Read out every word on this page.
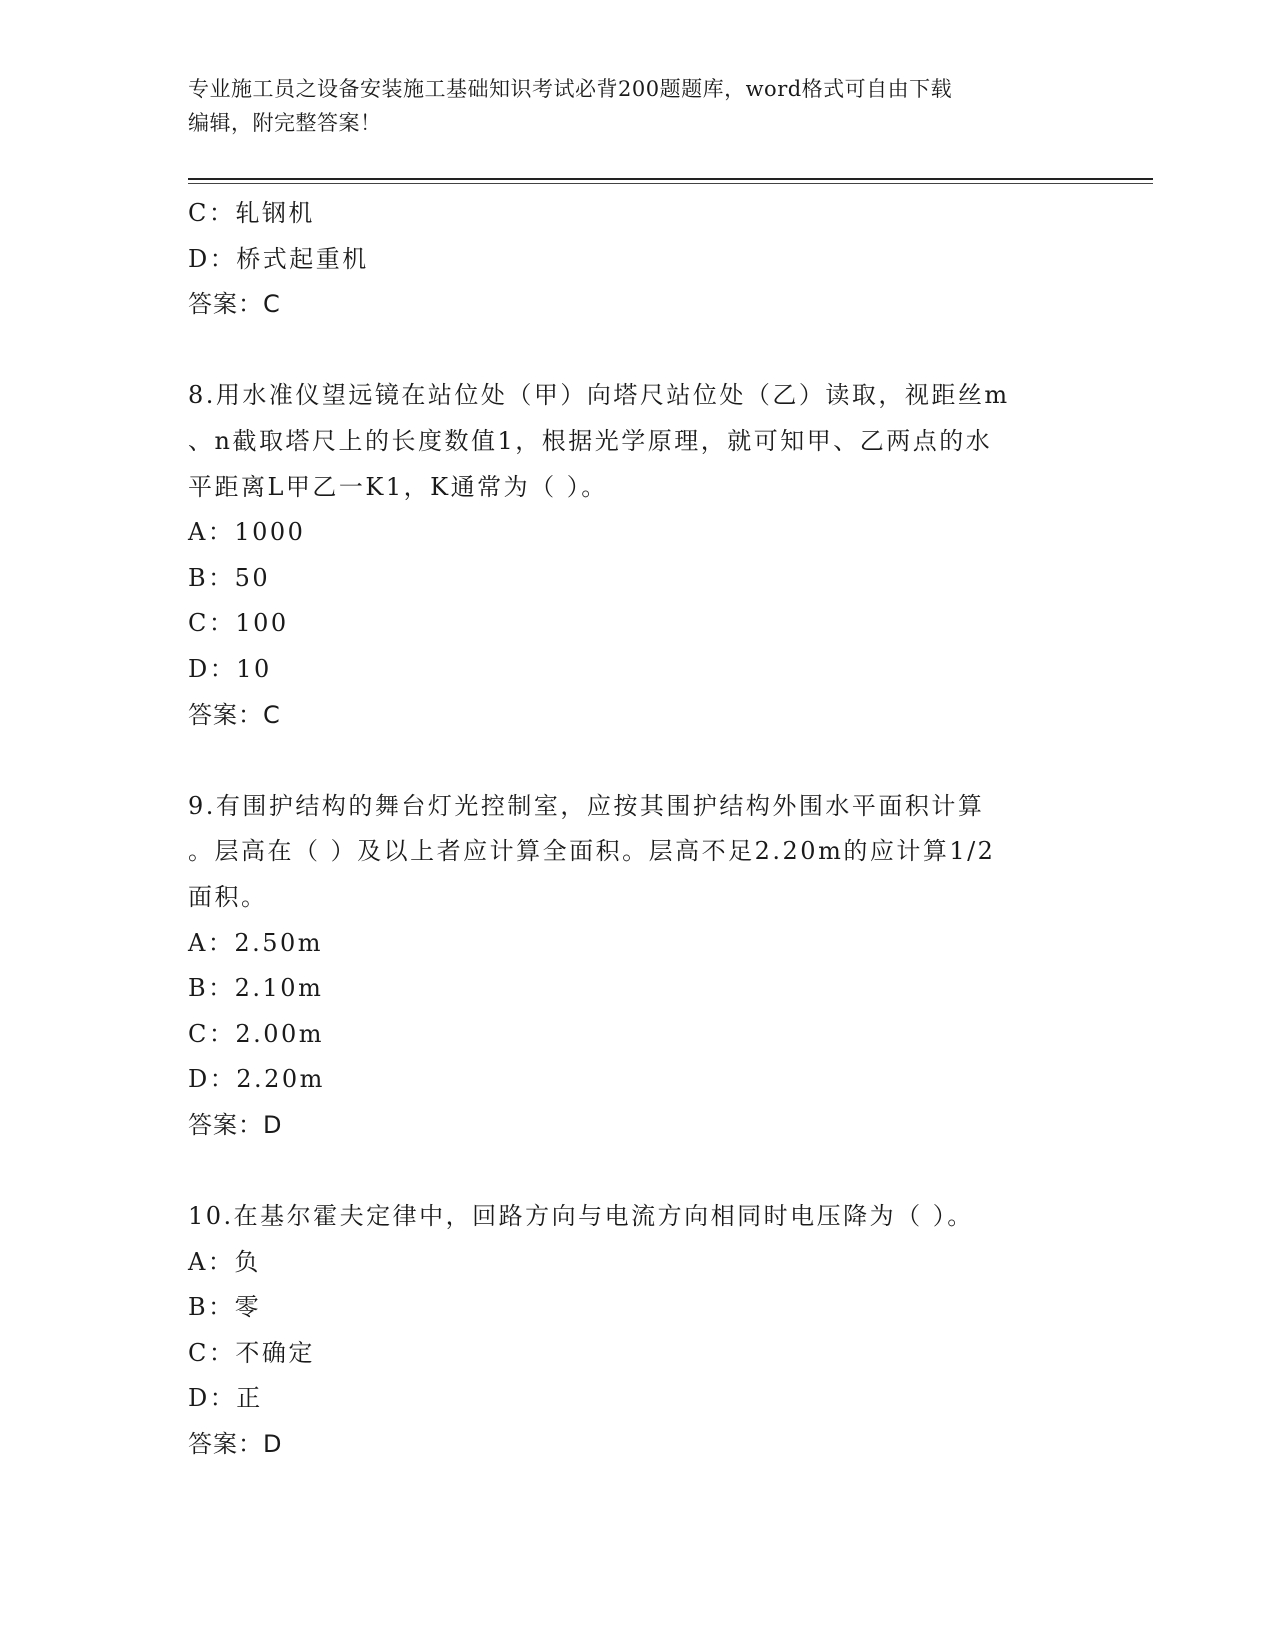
专业施工员之设备安装施工基础知识考试必背200题题库，word格式可自由下载
编辑，附完整答案！
C：轧钢机
D：桥式起重机
答案：C
8.用水准仪望远镜在站位处（甲）向塔尺站位处（乙）读取，视距丝m
、n截取塔尺上的长度数值1，根据光学原理，就可知甲、乙两点的水
平距离L甲乙一K1，K通常为（ ）。
A：1000
B：50
C：100
D：10
答案：C
9.有围护结构的舞台灯光控制室，应按其围护结构外围水平面积计算
。层高在（ ）及以上者应计算全面积。层高不足2.20m的应计算1/2
面积。
A：2.50m
B：2.10m
C：2.00m
D：2.20m
答案：D
10.在基尔霍夫定律中，回路方向与电流方向相同时电压降为（ ）。
A：负
B：零
C：不确定
D：正
答案：D
